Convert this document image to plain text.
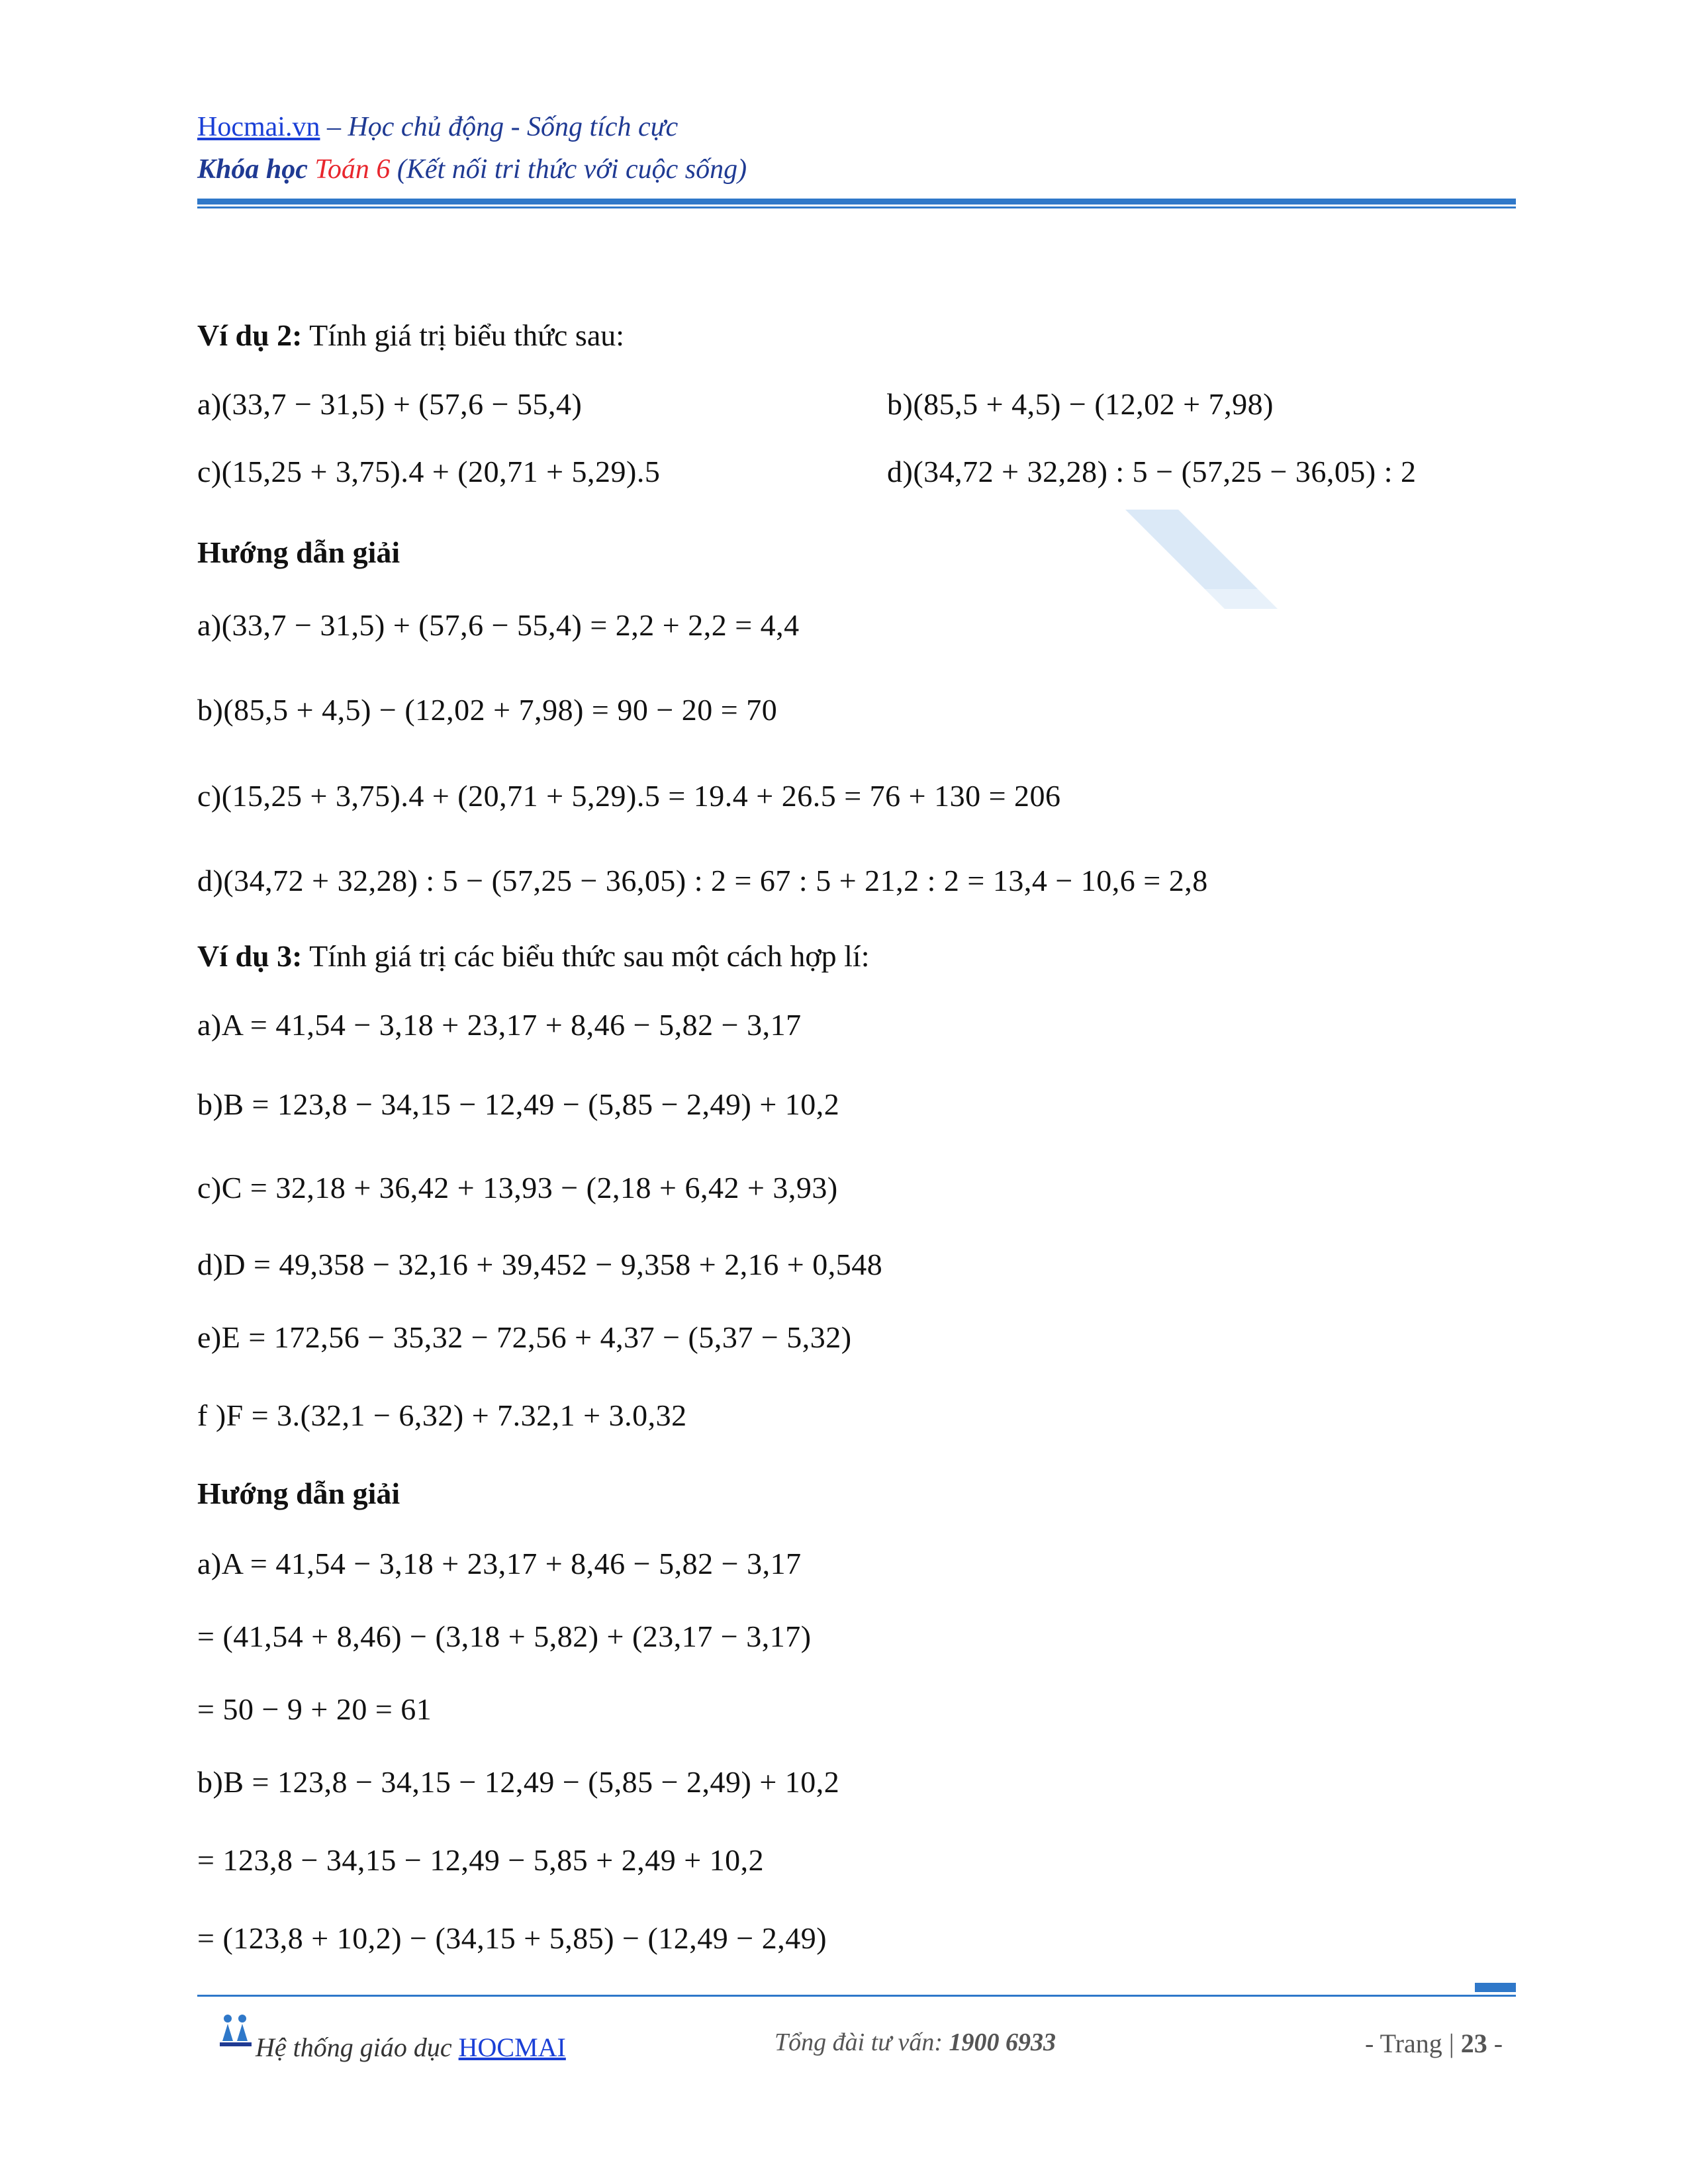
Hocmai.vn – Học chủ động - Sống tích cực
Khóa học Toán 6 (Kết nối tri thức với cuộc sống)
Ví dụ 2: Tính giá trị biểu thức sau:
a)(33,7 − 31,5) + (57,6 − 55,4)	b)(85,5 + 4,5) − (12,02 + 7,98)
c)(15,25 + 3,75).4 + (20,71 + 5,29).5	d)(34,72 + 32,28) : 5 − (57,25 − 36,05) : 2
Hướng dẫn giải
a)(33,7 − 31,5) + (57,6 − 55,4) = 2,2 + 2,2 = 4,4
b)(85,5 + 4,5) − (12,02 + 7,98) = 90 − 20 = 70
c)(15,25 + 3,75).4 + (20,71 + 5,29).5 = 19.4 + 26.5 = 76 + 130 = 206
d)(34,72 + 32,28) : 5 − (57,25 − 36,05) : 2 = 67 : 5 + 21,2 : 2 = 13,4 − 10,6 = 2,8
Ví dụ 3: Tính giá trị các biểu thức sau một cách hợp lí:
a)A = 41,54 − 3,18 + 23,17 + 8,46 − 5,82 − 3,17
b)B = 123,8 − 34,15 − 12,49 − (5,85 − 2,49) + 10,2
c)C = 32,18 + 36,42 + 13,93 − (2,18 + 6,42 + 3,93)
d)D = 49,358 − 32,16 + 39,452 − 9,358 + 2,16 + 0,548
e)E = 172,56 − 35,32 − 72,56 + 4,37 − (5,37 − 5,32)
f )F = 3.(32,1 − 6,32) + 7.32,1 + 3.0,32
Hướng dẫn giải
a)A = 41,54 − 3,18 + 23,17 + 8,46 − 5,82 − 3,17
= (41,54 + 8,46) − (3,18 + 5,82) + (23,17 − 3,17)
= 50 − 9 + 20 = 61
b)B = 123,8 − 34,15 − 12,49 − (5,85 − 2,49) + 10,2
= 123,8 − 34,15 − 12,49 − 5,85 + 2,49 + 10,2
= (123,8 + 10,2) − (34,15 + 5,85) − (12,49 − 2,49)
Hệ thống giáo dục HOCMAI	Tổng đài tư vấn: 1900 6933	- Trang | 23 -
